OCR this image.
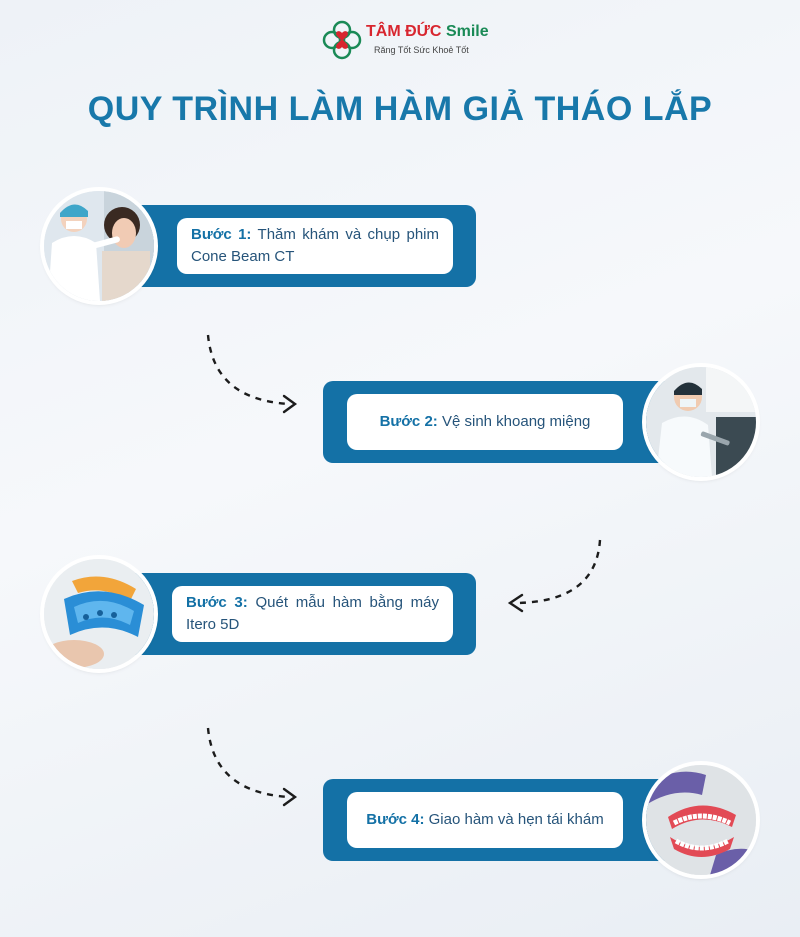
TÂM ĐỨC Smile
Răng Tốt Sức Khoẻ Tốt
QUY TRÌNH LÀM HÀM GIẢ THÁO LẮP
Bước 1: Thăm khám và chụp phim Cone Beam CT
Bước 2: Vệ sinh khoang miệng
Bước 3: Quét mẫu hàm bằng máy Itero 5D
Bước 4: Giao hàm và hẹn tái khám
